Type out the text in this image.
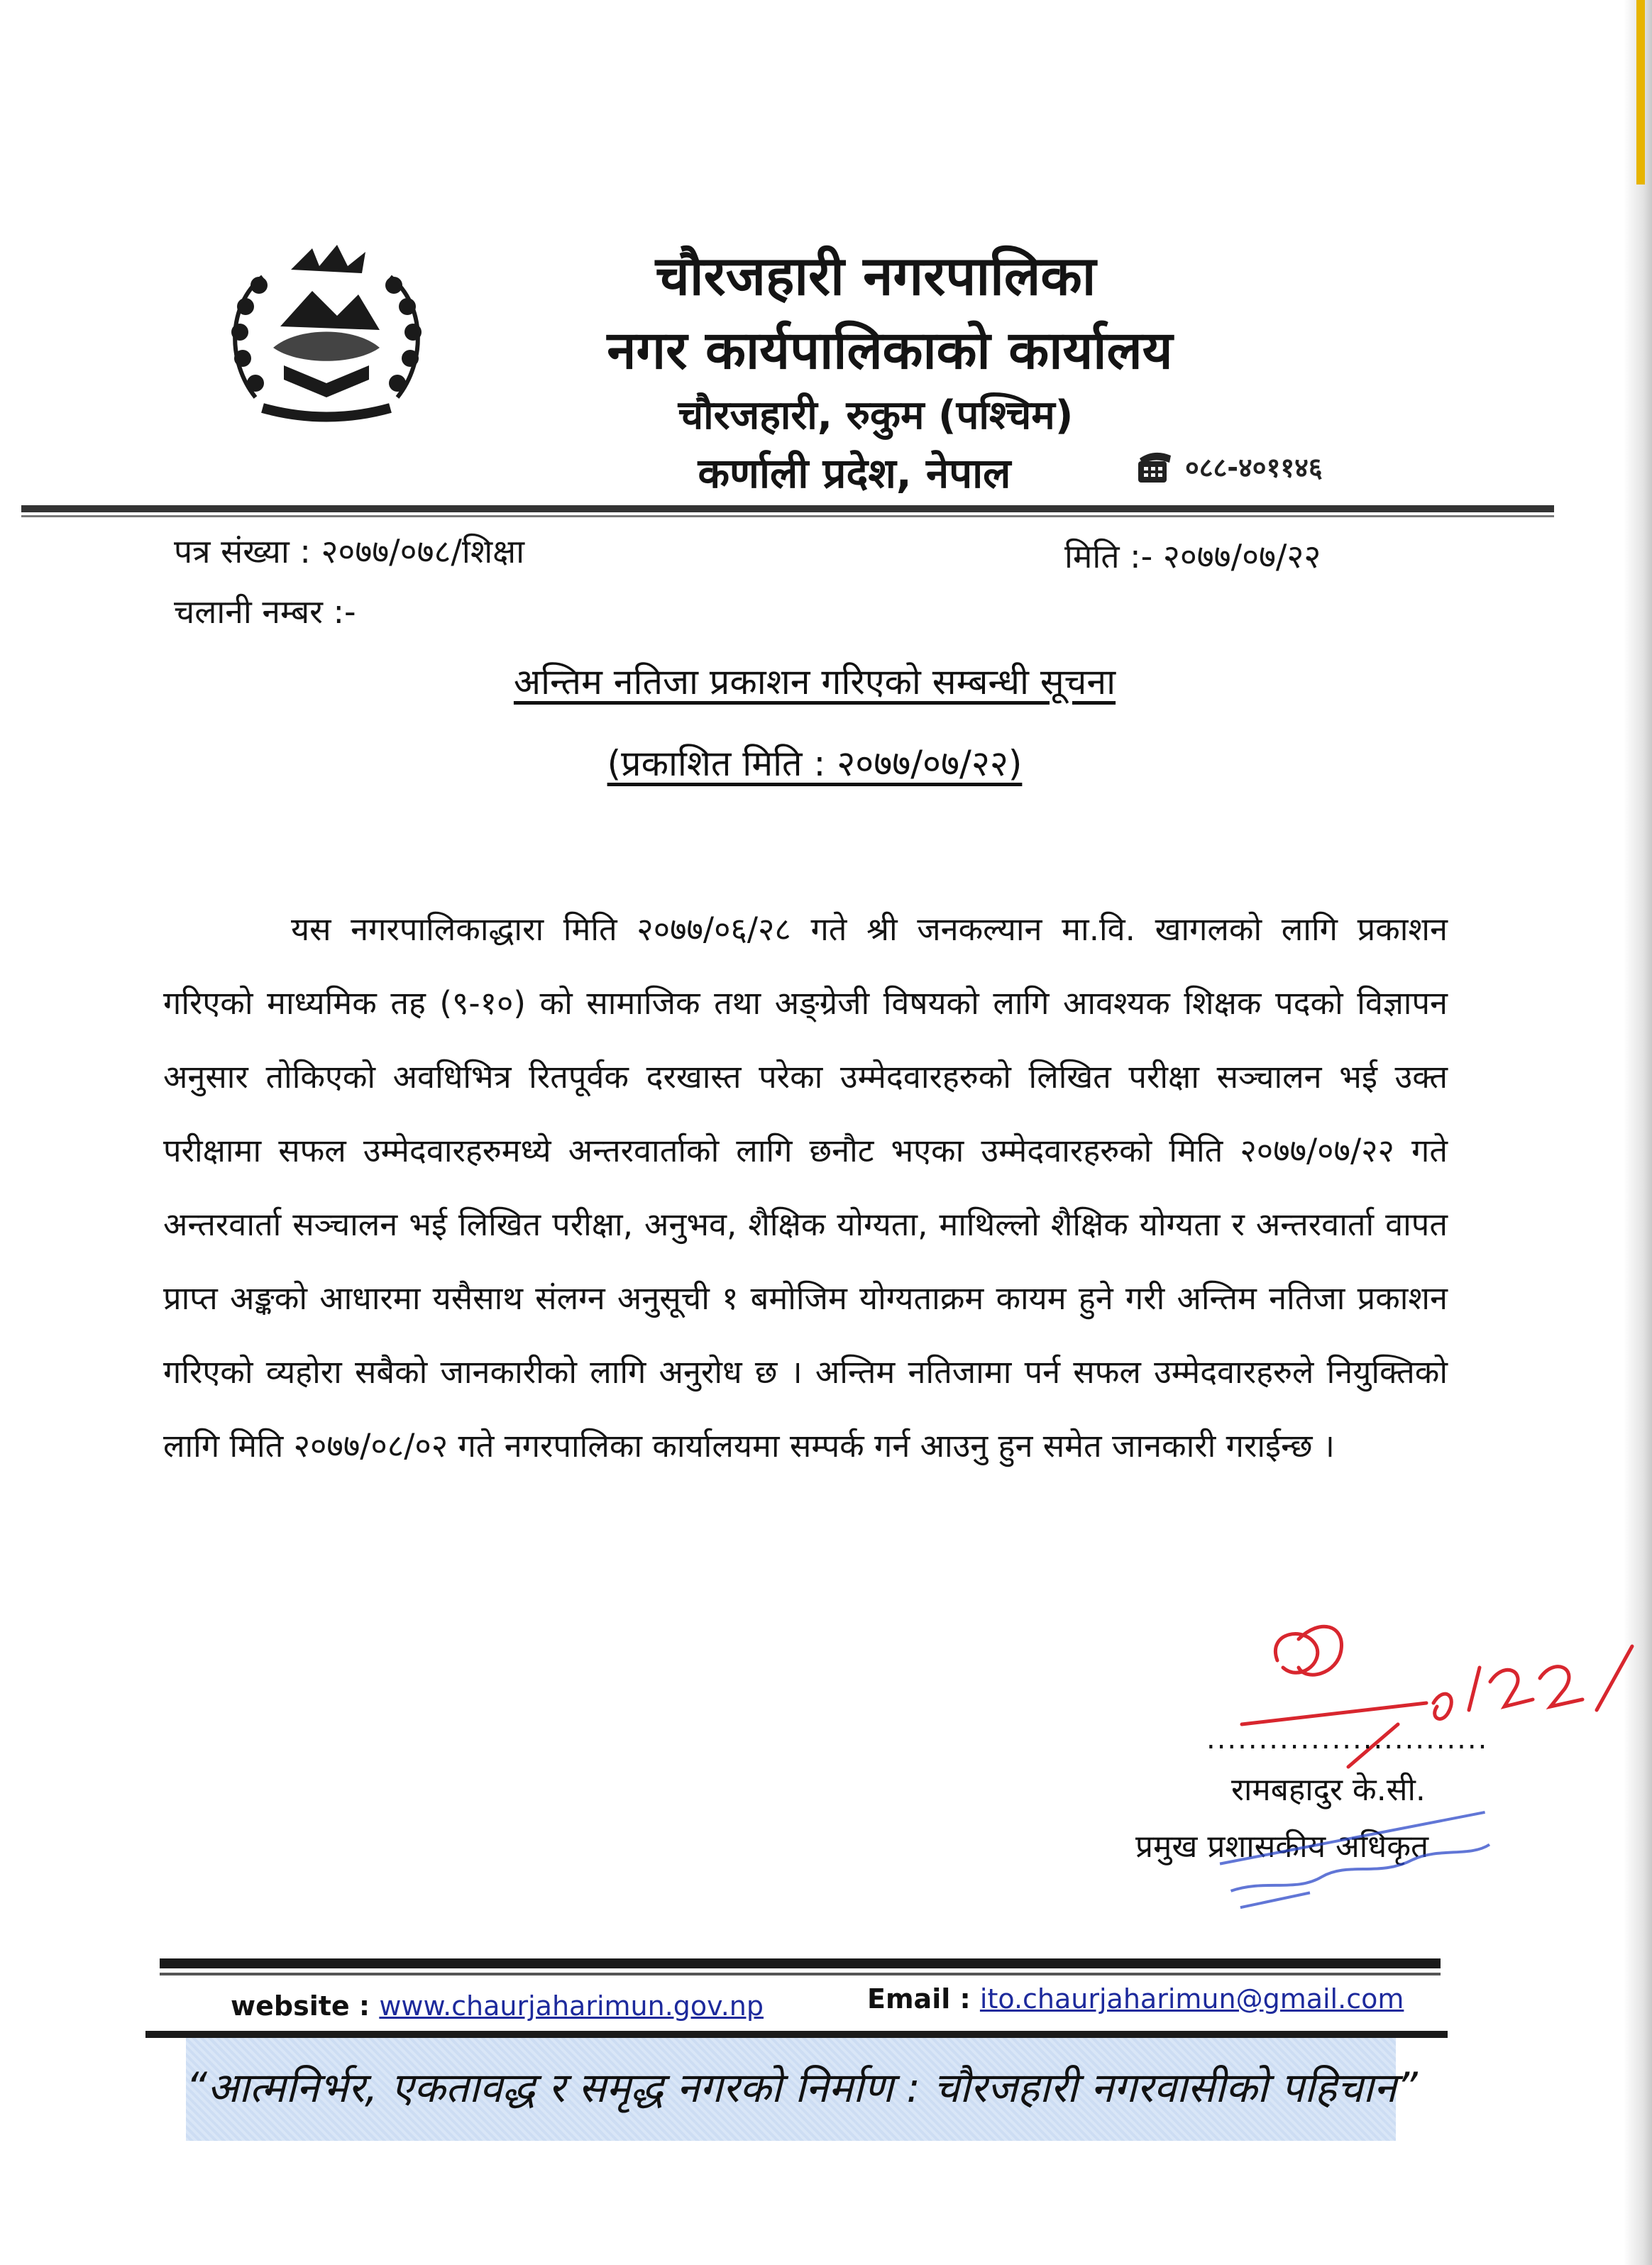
चौरजहारी नगरपालिका
नगर कार्यपालिकाको कार्यालय
चौरजहारी, रुकुम (पश्चिम)
कर्णाली प्रदेश, नेपाल	०८८-४०११४६
पत्र संख्या : २०७७/०७८/शिक्षा
चलानी नम्बर :-
मिति :- २०७७/०७/२२
अन्तिम नतिजा प्रकाशन गरिएको सम्बन्धी सूचना
(प्रकाशित मिति : २०७७/०७/२२)
यस नगरपालिकाद्धारा मिति २०७७/०६/२८ गते श्री जनकल्यान मा.वि. खागलको लागि प्रकाशन गरिएको माध्यमिक तह (९-१०) को सामाजिक तथा अङ्ग्रेजी विषयको लागि आवश्यक शिक्षक पदको विज्ञापन अनुसार तोकिएको अवधिभित्र रितपूर्वक दरखास्त परेका उम्मेदवारहरुको लिखित परीक्षा सञ्चालन भई उक्त परीक्षामा सफल उम्मेदवारहरुमध्ये अन्तरवार्ताको लागि छनौट भएका उम्मेदवारहरुको मिति २०७७/०७/२२ गते अन्तरवार्ता सञ्चालन भई लिखित परीक्षा, अनुभव, शैक्षिक योग्यता, माथिल्लो शैक्षिक योग्यता र अन्तरवार्ता वापत प्राप्त अङ्कको आधारमा यसैसाथ संलग्न अनुसूची १ बमोजिम योग्यताक्रम कायम हुने गरी अन्तिम नतिजा प्रकाशन गरिएको व्यहोरा सबैको जानकारीको लागि अनुरोध छ । अन्तिम नतिजामा पर्न सफल उम्मेदवारहरुले नियुक्तिको लागि मिति २०७७/०८/०२ गते नगरपालिका कार्यालयमा सम्पर्क गर्न आउनु हुन समेत जानकारी गराईन्छ ।
...........................
रामबहादुर के.सी.
प्रमुख प्रशासकीय अधिकृत
website : www.chaurjaharimun.gov.np	Email : ito.chaurjaharimun@gmail.com
“आत्मनिर्भर, एकतावद्ध र समृद्ध नगरको निर्माण : चौरजहारी नगरवासीको पहिचान”
